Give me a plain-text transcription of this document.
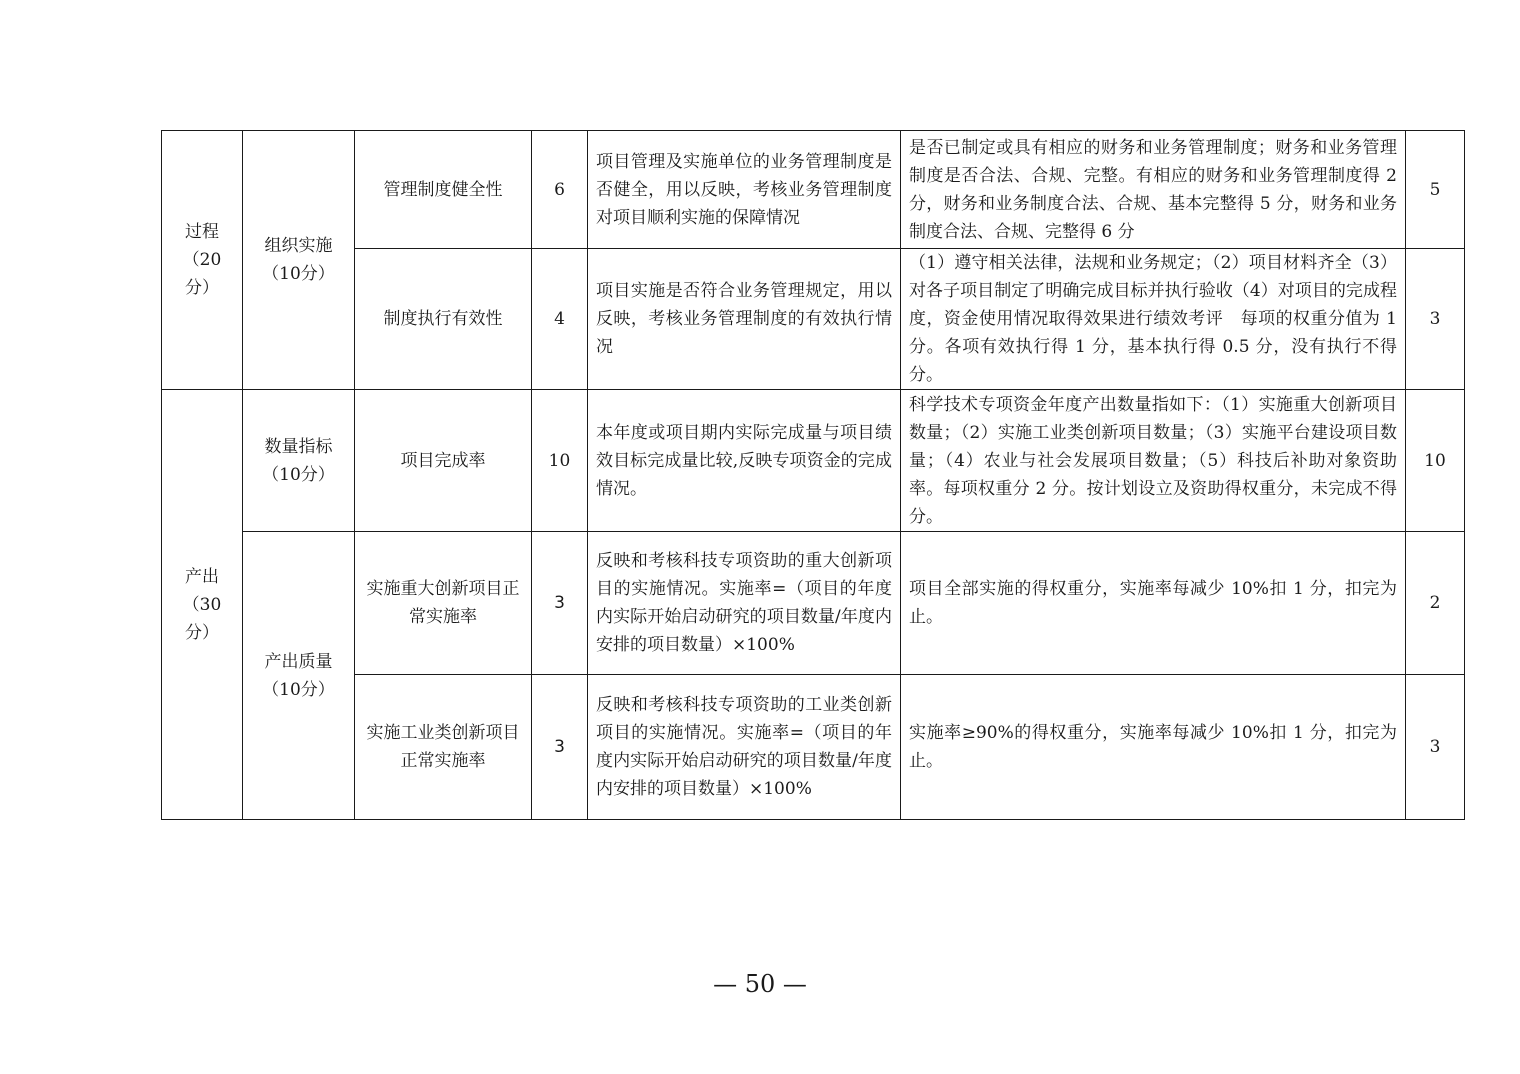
过程（20分）	组织实施（10分）	管理制度健全性	6	项目管理及实施单位的业务管理制度是否健全，用以反映，考核业务管理制度对项目顺利实施的保障情况	是否已制定或具有相应的财务和业务管理制度；财务和业务管理制度是否合法、合规、完整。有相应的财务和业务管理制度得 2 分，财务和业务制度合法、合规、基本完整得 5 分，财务和业务制度合法、合规、完整得 6 分	5
		制度执行有效性	4	项目实施是否符合业务管理规定，用以反映，考核业务管理制度的有效执行情况	（1）遵守相关法律，法规和业务规定；（2）项目材料齐全（3）对各子项目制定了明确完成目标并执行验收（4）对项目的完成程度，资金使用情况取得效果进行绩效考评　每项的权重分值为 1 分。各项有效执行得 1 分，基本执行得 0.5 分，没有执行不得分。	3
产出（30分）	数量指标（10分）	项目完成率	10	本年度或项目期内实际完成量与项目绩效目标完成量比较,反映专项资金的完成情况。	科学技术专项资金年度产出数量指如下：（1）实施重大创新项目数量；（2）实施工业类创新项目数量；（3）实施平台建设项目数量；（4）农业与社会发展项目数量；（5）科技后补助对象资助率。每项权重分 2 分。按计划设立及资助得权重分，未完成不得分。	10
	产出质量（10分）	实施重大创新项目正常实施率	3	反映和考核科技专项资助的重大创新项目的实施情况。实施率=（项目的年度内实际开始启动研究的项目数量/年度内安排的项目数量）×100%	项目全部实施的得权重分，实施率每减少 10%扣 1 分，扣完为止。	2
		实施工业类创新项目正常实施率	3	反映和考核科技专项资助的工业类创新项目的实施情况。实施率=（项目的年度内实际开始启动研究的项目数量/年度内安排的项目数量）×100%	实施率≥90%的得权重分，实施率每减少 10%扣 1 分，扣完为止。	3
— 50 —
